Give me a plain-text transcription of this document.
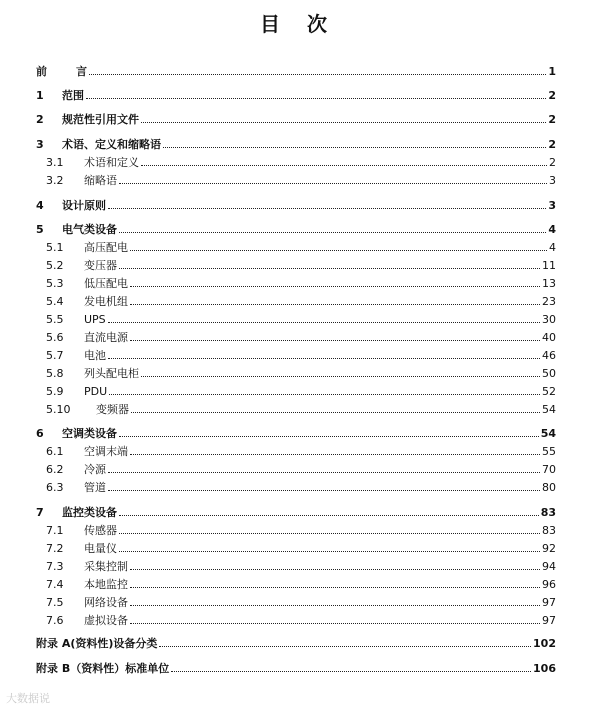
目 次
前	言	1
1	范围	2
2	规范性引用文件	2
3	术语、定义和缩略语	2
3.1	术语和定义	2
3.2	缩略语	3
4	设计原则	3
5	电气类设备	4
5.1	高压配电	4
5.2	变压器	11
5.3	低压配电	13
5.4	发电机组	23
5.5	UPS	30
5.6	直流电源	40
5.7	电池	46
5.8	列头配电柜	50
5.9	PDU	52
5.10	变频器	54
6	空调类设备	54
6.1	空调末端	55
6.2	冷源	70
6.3	管道	80
7	监控类设备	83
7.1	传感器	83
7.2	电量仪	92
7.3	采集控制	94
7.4	本地监控	96
7.5	网络设备	97
7.6	虚拟设备	97
附录 A(资料性)设备分类	102
附录 B（资料性）标准单位	106
大数据说
